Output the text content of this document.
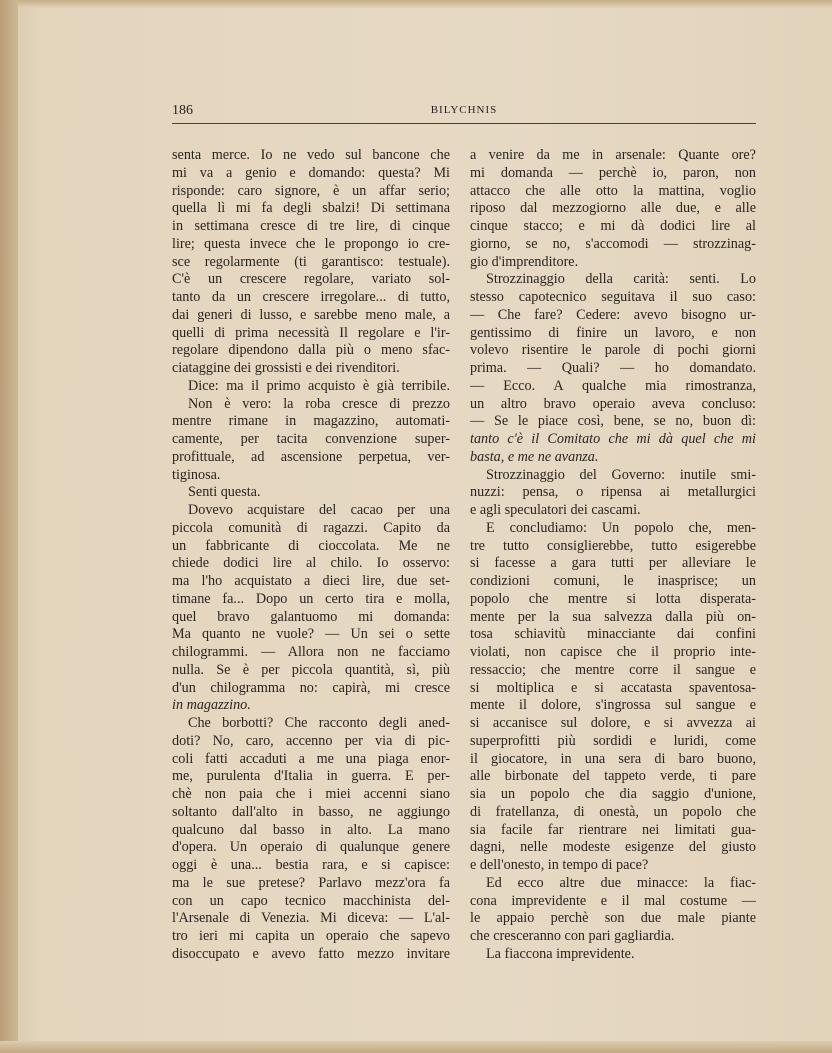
186	BILYCHNIS
senta merce. Io ne vedo sul bancone che
mi va a genio e domando: questa? Mi
risponde: caro signore, è un affar serio;
quella lì mi fa degli sbalzi! Di settimana
in settimana cresce di tre lire, di cinque
lire; questa invece che le propongo io cre-
sce regolarmente (ti garantisco: testuale).
C'è un crescere regolare, variato sol-
tanto da un crescere irregolare... di tutto,
dai generi di lusso, e sarebbe meno male, a
quelli di prima necessità Il regolare e l'ir-
regolare dipendono dalla più o meno sfac-
ciataggine dei grossisti e dei rivenditori.
Dice: ma il primo acquisto è già terribile.
Non è vero: la roba cresce di prezzo
mentre rimane in magazzino, automati-
camente, per tacita convenzione super-
profittuale, ad ascensione perpetua, ver-
tiginosa.
Senti questa.
Dovevo acquistare del cacao per una
piccola comunità di ragazzi. Capito da
un fabbricante di cioccolata. Me ne
chiede dodici lire al chilo. Io osservo:
ma l'ho acquistato a dieci lire, due set-
timane fa... Dopo un certo tira e molla,
quel bravo galantuomo mi domanda:
Ma quanto ne vuole? — Un sei o sette
chilogrammi. — Allora non ne facciamo
nulla. Se è per piccola quantità, sì, più
d'un chilogramma no: capirà, mi cresce
in magazzino.
Che borbotti? Che racconto degli aned-
doti? No, caro, accenno per via di pic-
coli fatti accaduti a me una piaga enor-
me, purulenta d'Italia in guerra. E per-
chè non paia che i miei accenni siano
soltanto dall'alto in basso, ne aggiungo
qualcuno dal basso in alto. La mano
d'opera. Un operaio di qualunque genere
oggi è una... bestia rara, e si capisce:
ma le sue pretese? Parlavo mezz'ora fa
con un capo tecnico macchinista del-
l'Arsenale di Venezia. Mi diceva: — L'al-
tro ieri mi capita un operaio che sapevo
disoccupato e avevo fatto mezzo invitare
a venire da me in arsenale: Quante ore?
mi domanda — perchè io, paron, non
attacco che alle otto la mattina, voglio
riposo dal mezzogiorno alle due, e alle
cinque stacco; e mi dà dodici lire al
giorno, se no, s'accomodi — strozzinag-
gio d'imprenditore.
Strozzinaggio della carità: senti. Lo
stesso capotecnico seguitava il suo caso:
— Che fare? Cedere: avevo bisogno ur-
gentissimo di finire un lavoro, e non
volevo risentire le parole di pochi giorni
prima. — Quali? — ho domandato.
— Ecco. A qualche mia rimostranza,
un altro bravo operaio aveva concluso:
— Se le piace così, bene, se no, buon dì:
tanto c'è il Comitato che mi dà quel che mi
basta, e me ne avanza.
Strozzinaggio del Governo: inutile smi-
nuzzi: pensa, o ripensa ai metallurgici
e agli speculatori dei cascami.
E concludiamo: Un popolo che, men-
tre tutto consiglierebbe, tutto esigerebbe
si facesse a gara tutti per alleviare le
condizioni comuni, le inasprisce; un
popolo che mentre si lotta disperata-
mente per la sua salvezza dalla più on-
tosa schiavitù minacciante dai confini
violati, non capisce che il proprio inte-
ressaccio; che mentre corre il sangue e
si moltiplica e si accatasta spaventosa-
mente il dolore, s'ingrossa sul sangue e
si accanisce sul dolore, e si avvezza ai
superprofitti più sordidi e luridi, come
il giocatore, in una sera di baro buono,
alle birbonate del tappeto verde, ti pare
sia un popolo che dia saggio d'unione,
di fratellanza, di onestà, un popolo che
sia facile far rientrare nei limitati gua-
dagni, nelle modeste esigenze del giusto
e dell'onesto, in tempo di pace?
Ed ecco altre due minacce: la fiac-
cona imprevidente e il mal costume —
le appaio perchè son due male piante
che cresceranno con pari gagliardia.
La fiaccona imprevidente.
